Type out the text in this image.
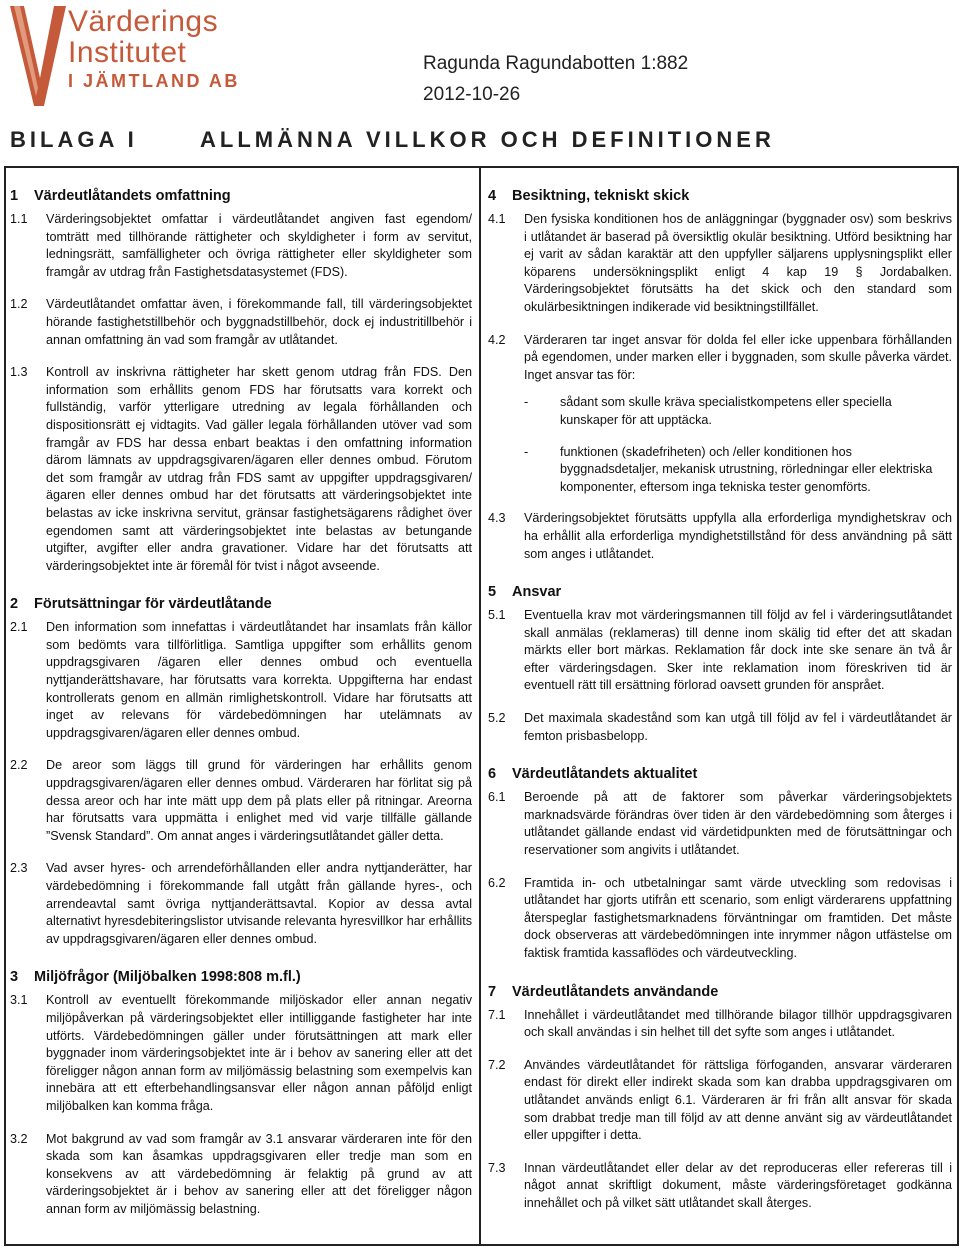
Värderings
Institutet
I JÄMTLAND AB
Ragunda Ragundabotten 1:882
2012-10-26
BILAGA I	ALLMÄNNA VILLKOR OCH DEFINITIONER
1	Värdeutlåtandets omfattning
1.1	Värderingsobjektet omfattar i värdeutlåtandet angiven fast egendom/ tomträtt med tillhörande rättigheter och skyldigheter i form av servitut, ledningsrätt, samfälligheter och övriga rättigheter eller skyldigheter som framgår av utdrag från Fastighetsdatasystemet (FDS).
1.2	Värdeutlåtandet omfattar även, i förekommande fall, till värderingsobjektet hörande fastighetstillbehör och byggnadstillbehör, dock ej industritillbehör i annan omfattning än vad som framgår av utlåtandet.
1.3	Kontroll av inskrivna rättigheter har skett genom utdrag från FDS. Den information som erhållits genom FDS har förutsatts vara korrekt och fullständig, varför ytterligare utredning av legala förhållanden och dispositionsrätt ej vidtagits. Vad gäller legala förhållanden utöver vad som framgår av FDS har dessa enbart beaktas i den omfattning information därom lämnats av uppdragsgivaren/ägaren eller dennes ombud. Förutom det som framgår av utdrag från FDS samt av uppgifter uppdragsgivaren/ägaren eller dennes ombud har det förutsatts att värderingsobjektet inte belastas av icke inskrivna servitut, gränsar fastighetsägarens rådighet över egendomen samt att värderingsobjektet inte belastas av betungande utgifter, avgifter eller andra gravationer. Vidare har det förutsatts att värderingsobjektet inte är föremål för tvist i något avseende.
2	Förutsättningar för värdeutlåtande
2.1	Den information som innefattas i värdeutlåtandet har insamlats från källor som bedömts vara tillförlitliga. Samtliga uppgifter som erhållits genom uppdragsgivaren /ägaren eller dennes ombud och eventuella nyttjanderättshavare, har förutsatts vara korrekta. Uppgifterna har endast kontrollerats genom en allmän rimlighetskontroll. Vidare har förutsatts att inget av relevans för värdebedömningen har utelämnats av uppdragsgivaren/ägaren eller dennes ombud.
2.2	De areor som läggs till grund för värderingen har erhållits genom uppdragsgivaren/ägaren eller dennes ombud. Värderaren har förlitat sig på dessa areor och har inte mätt upp dem på plats eller på ritningar. Areorna har förutsatts vara uppmätta i enlighet med vid varje tillfälle gällande ”Svensk Standard”. Om annat anges i värderingsutlåtandet gäller detta.
2.3	Vad avser hyres- och arrendeförhållanden eller andra nyttjanderätter, har värdebedömning i förekommande fall utgått från gällande hyres-, och arrendeavtal samt övriga nyttjanderättsavtal. Kopior av dessa avtal alternativt hyresdebiteringslistor utvisande relevanta hyresvillkor har erhållits av uppdragsgivaren/ägaren eller dennes ombud.
3	Miljöfrågor (Miljöbalken 1998:808 m.fl.)
3.1	Kontroll av eventuellt förekommande miljöskador eller annan negativ miljöpåverkan på värderingsobjektet eller intilliggande fastigheter har inte utförts. Värdebedömningen gäller under förutsättningen att mark eller byggnader inom värderingsobjektet inte är i behov av sanering eller att det föreligger någon annan form av miljömässig belastning som exempelvis kan innebära att ett efterbehandlingsansvar eller någon annan påföljd enligt miljöbalken kan komma fråga.
3.2	Mot bakgrund av vad som framgår av 3.1 ansvarar värderaren inte för den skada som kan åsamkas uppdragsgivaren eller tredje man som en konsekvens av att värdebedömning är felaktig på grund av att värderingsobjektet är i behov av sanering eller att det föreligger någon annan form av miljömässig belastning.
4	Besiktning, tekniskt skick
4.1	Den fysiska konditionen hos de anläggningar (byggnader osv) som beskrivs i utlåtandet är baserad på översiktlig okulär besiktning. Utförd besiktning har ej varit av sådan karaktär att den uppfyller säljarens upplysningsplikt eller köparens undersökningsplikt enligt 4 kap 19 § Jordabalken. Värderingsobjektet förutsätts ha det skick och den standard som okulärbesiktningen indikerade vid besiktningstillfället.
4.2	Värderaren tar inget ansvar för dolda fel eller icke uppenbara förhållanden på egendomen, under marken eller i byggnaden, som skulle påverka värdet. Inget ansvar tas för:
-	sådant som skulle kräva specialistkompetens eller speciella kunskaper för att upptäcka.
-	funktionen (skadefriheten) och /eller konditionen hos byggnadsdetaljer, mekanisk utrustning, rörledningar eller elektriska komponenter, eftersom inga tekniska tester genomförts.
4.3	Värderingsobjektet förutsätts uppfylla alla erforderliga myndighetskrav och ha erhållit alla erforderliga myndighetstillstånd för dess användning på sätt som anges i utlåtandet.
5	Ansvar
5.1	Eventuella krav mot värderingsmannen till följd av fel i värderingsutlåtandet skall anmälas (reklameras) till denne inom skälig tid efter det att skadan märkts eller bort märkas. Reklamation får dock inte ske senare än två år efter värderingsdagen. Sker inte reklamation inom föreskriven tid är eventuell rätt till ersättning förlorad oavsett grunden för ansprået.
5.2	Det maximala skadestånd som kan utgå till följd av fel i värdeutlåtandet är femton prisbasbelopp.
6	Värdeutlåtandets aktualitet
6.1	Beroende på att de faktorer som påverkar värderingsobjektets marknadsvärde förändras över tiden är den värdebedömning som återges i utlåtandet gällande endast vid värdetidpunkten med de förutsättningar och reservationer som angivits i utlåtandet.
6.2	Framtida in- och utbetalningar samt värde utveckling som redovisas i utlåtandet har gjorts utifrån ett scenario, som enligt värderarens uppfattning återspeglar fastighetsmarknadens förväntningar om framtiden. Det måste dock observeras att värdebedömningen inte inrymmer någon utfästelse om faktisk framtida kassaflödes och värdeutveckling.
7	Värdeutlåtandets användande
7.1	Innehållet i värdeutlåtandet med tillhörande bilagor tillhör uppdragsgivaren och skall användas i sin helhet till det syfte som anges i utlåtandet.
7.2	Användes värdeutlåtandet för rättsliga förfoganden, ansvarar värderaren endast för direkt eller indirekt skada som kan drabba uppdragsgivaren om utlåtandet används enligt 6.1. Värderaren är fri från allt ansvar för skada som drabbat tredje man till följd av att denne använt sig av värdeutlåtandet eller uppgifter i detta.
7.3	Innan värdeutlåtandet eller delar av det reproduceras eller refereras till i något annat skriftligt dokument, måste värderingsföretaget godkänna innehållet och på vilket sätt utlåtandet skall återges.
